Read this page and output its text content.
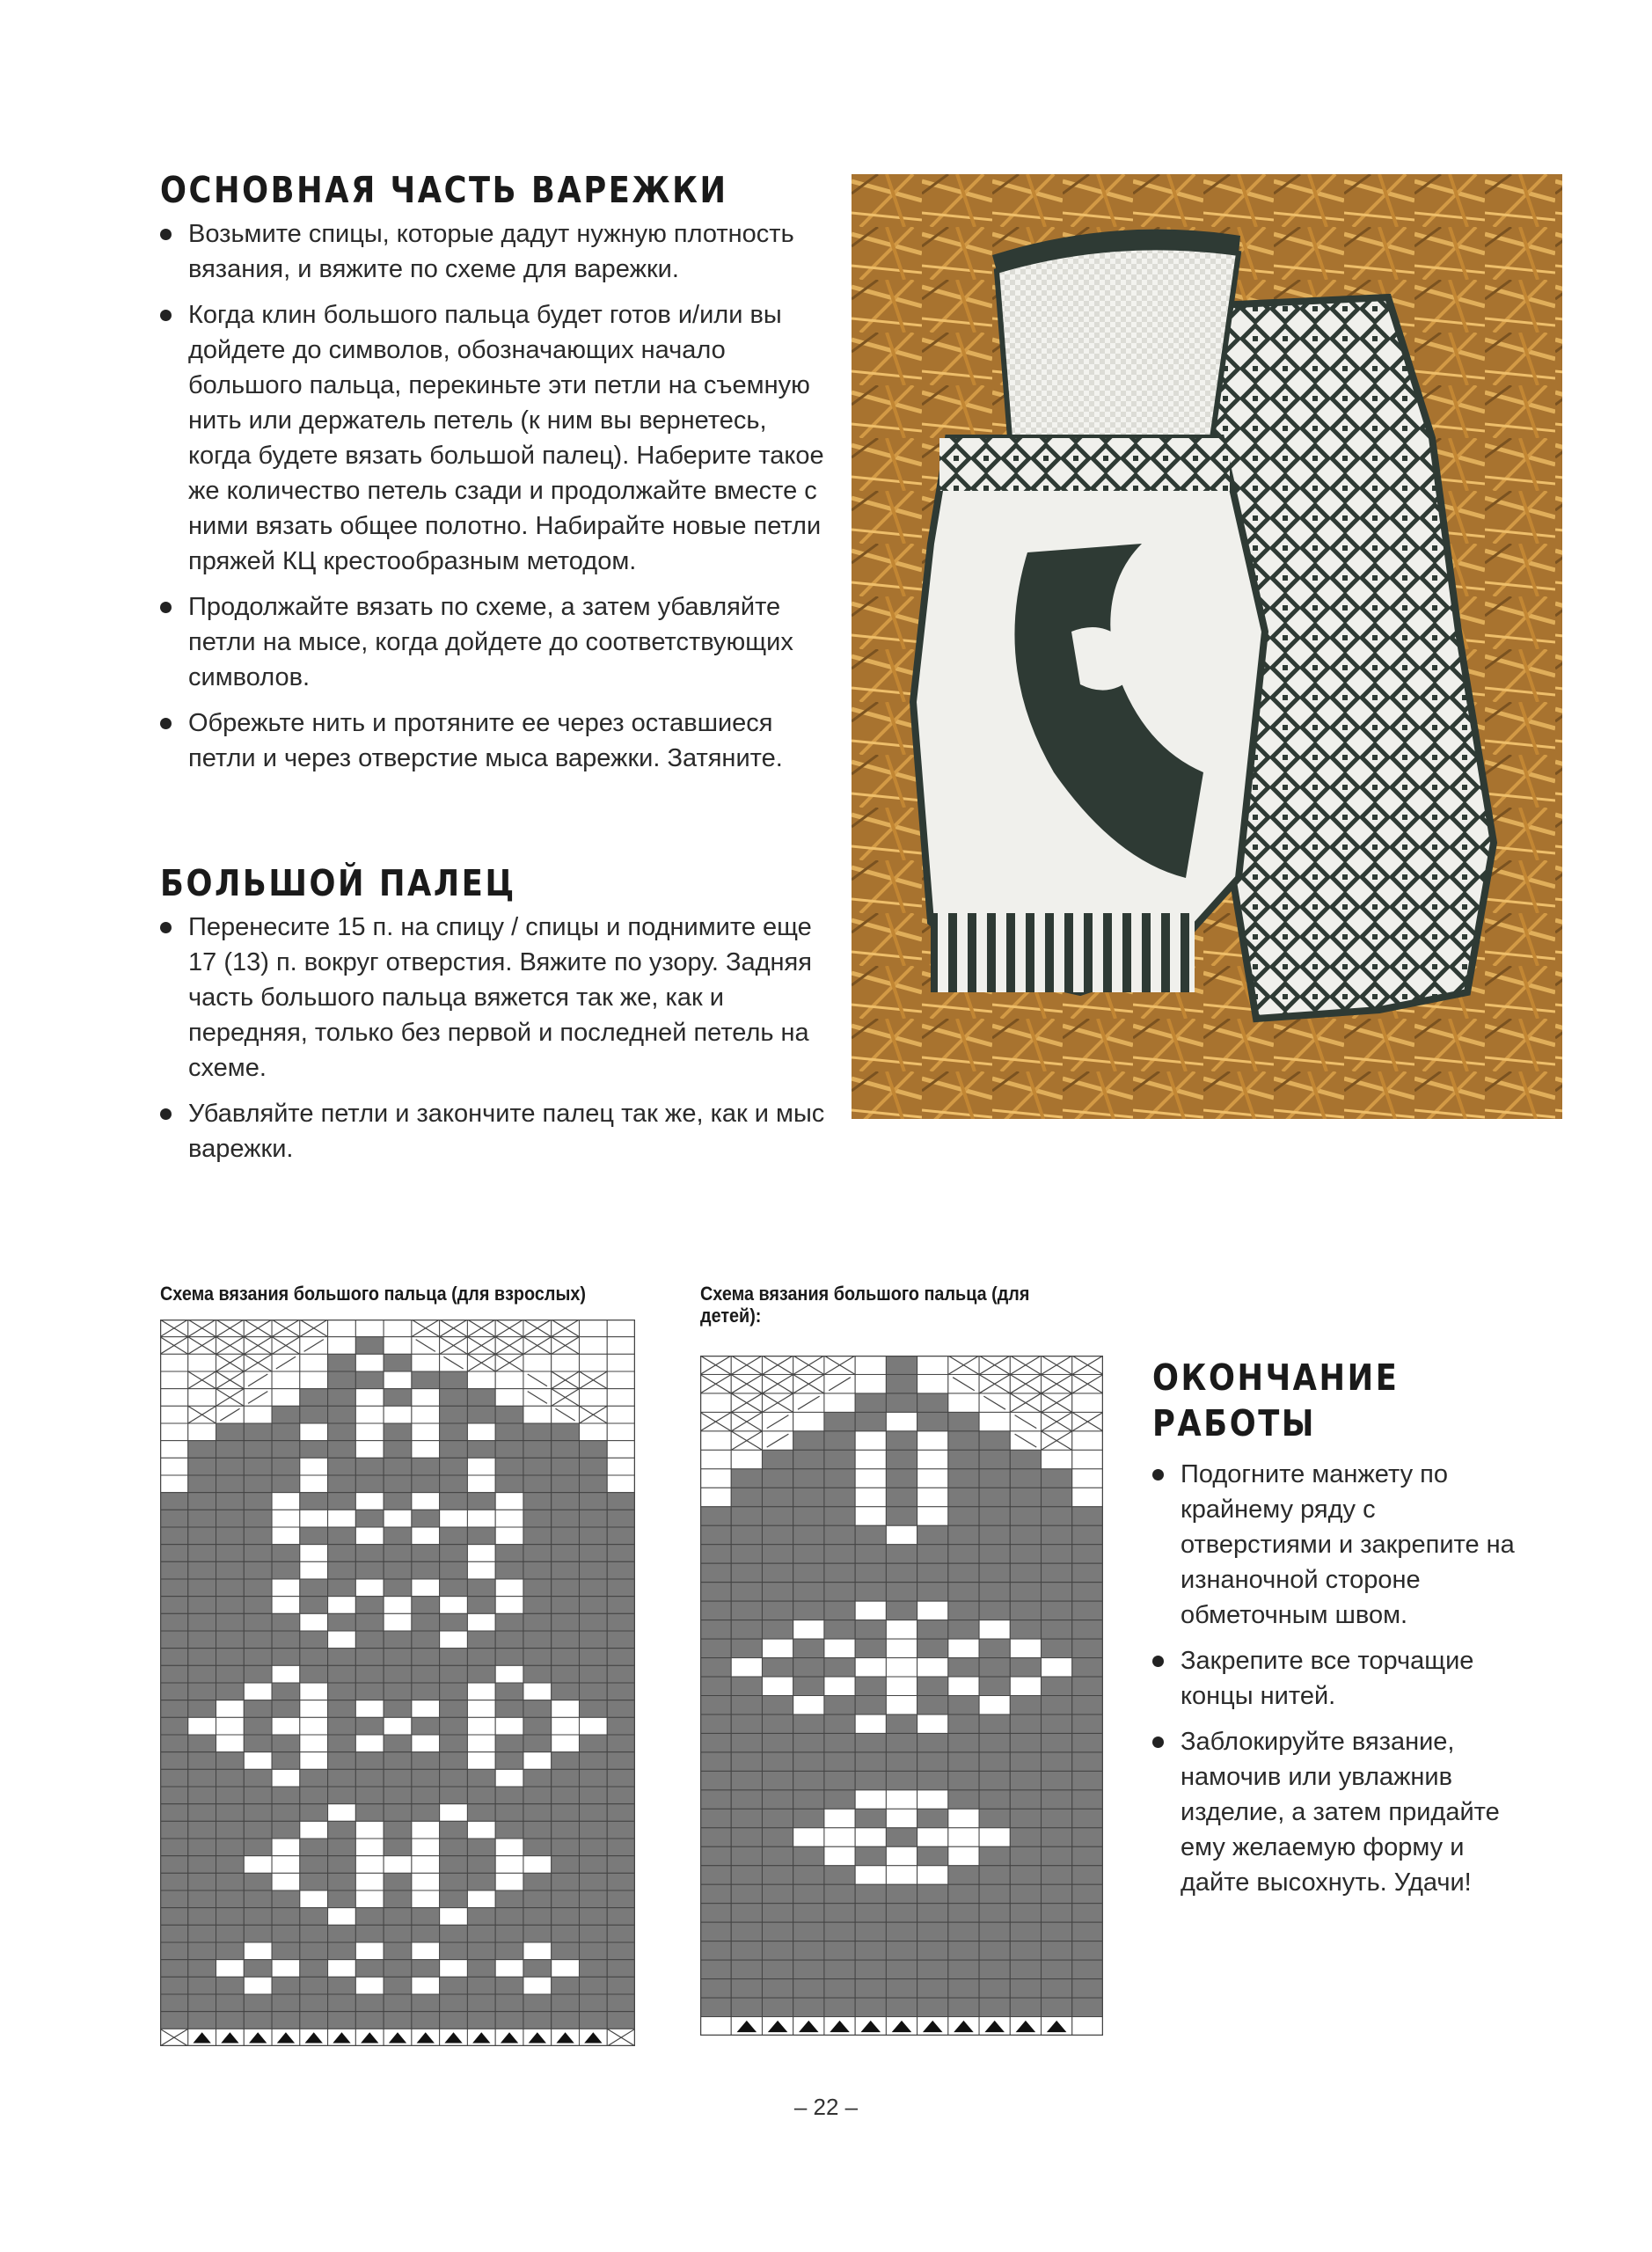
ОСНОВНАЯ ЧАСТЬ ВАРЕЖКИ
Возьмите спицы, которые дадут нужную плотность вязания, и вяжите по схеме для варежки.
Когда клин большого пальца будет готов и/или вы дойдете до символов, обозначающих начало большого пальца, перекиньте эти петли на съемную нить или держатель петель (к ним вы вернетесь, когда будете вязать большой палец). Наберите такое же количество петель сзади и продолжайте вместе с ними вязать общее полотно. Набирайте новые петли пряжей КЦ крестообразным методом.
Продолжайте вязать по схеме, а затем убавляйте петли на мысе, когда дойдете до соответствующих символов.
Обрежьте нить и протяните ее через оставшиеся петли и через отверстие мыса варежки. Затяните.
БОЛЬШОЙ ПАЛЕЦ
Перенесите 15 п. на спицу / спицы и поднимите еще 17 (13) п. вокруг отверстия. Вяжите по узору. Задняя часть большого пальца вяжется так же, как и передняя, только без первой и последней петель на схеме.
Убавляйте петли и закончите палец так же, как и мыс варежки.

Схема вязания большого пальца (для взрослых)	Схема вязания большого пальца (для детей):

ОКОНЧАНИЕ
РАБОТЫ
Подогните манжету по крайнему ряду с отверстиями и закрепите на изнаночной стороне обметочным швом.
Закрепите все торчащие концы нитей.
Заблокируйте вязание, намочив или увлажнив изделие, а затем придайте ему желаемую форму и дайте высохнуть. Удачи!
– 22 –
